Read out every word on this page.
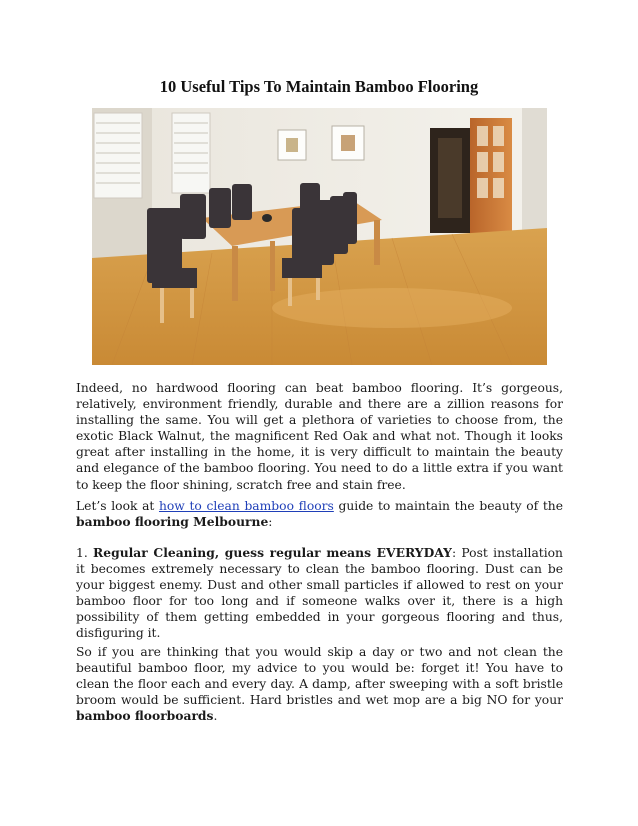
10 Useful Tips To Maintain Bamboo Flooring

Indeed, no hardwood flooring can beat bamboo flooring. It’s gorgeous, relatively, environment friendly, durable and there are a zillion reasons for installing the same. You will get a plethora of varieties to choose from, the exotic Black Walnut, the magnificent Red Oak and what not. Though it looks great after installing in the home, it is very difficult to maintain the beauty and elegance of the bamboo flooring. You need to do a little extra if you want to keep the floor shining, scratch free and stain free.

Let’s look at how to clean bamboo floors guide to maintain the beauty of the bamboo flooring Melbourne:

1. Regular Cleaning, guess regular means EVERYDAY: Post installation it becomes extremely necessary to clean the bamboo flooring. Dust can be your biggest enemy. Dust and other small particles if allowed to rest on your bamboo floor for too long and if someone walks over it, there is a high possibility of them getting embedded in your gorgeous flooring and thus, disfiguring it.

So if you are thinking that you would skip a day or two and not clean the beautiful bamboo floor, my advice to you would be: forget it! You have to clean the floor each and every day. A damp, after sweeping with a soft bristle broom would be sufficient. Hard bristles and wet mop are a big NO for your bamboo floorboards.
